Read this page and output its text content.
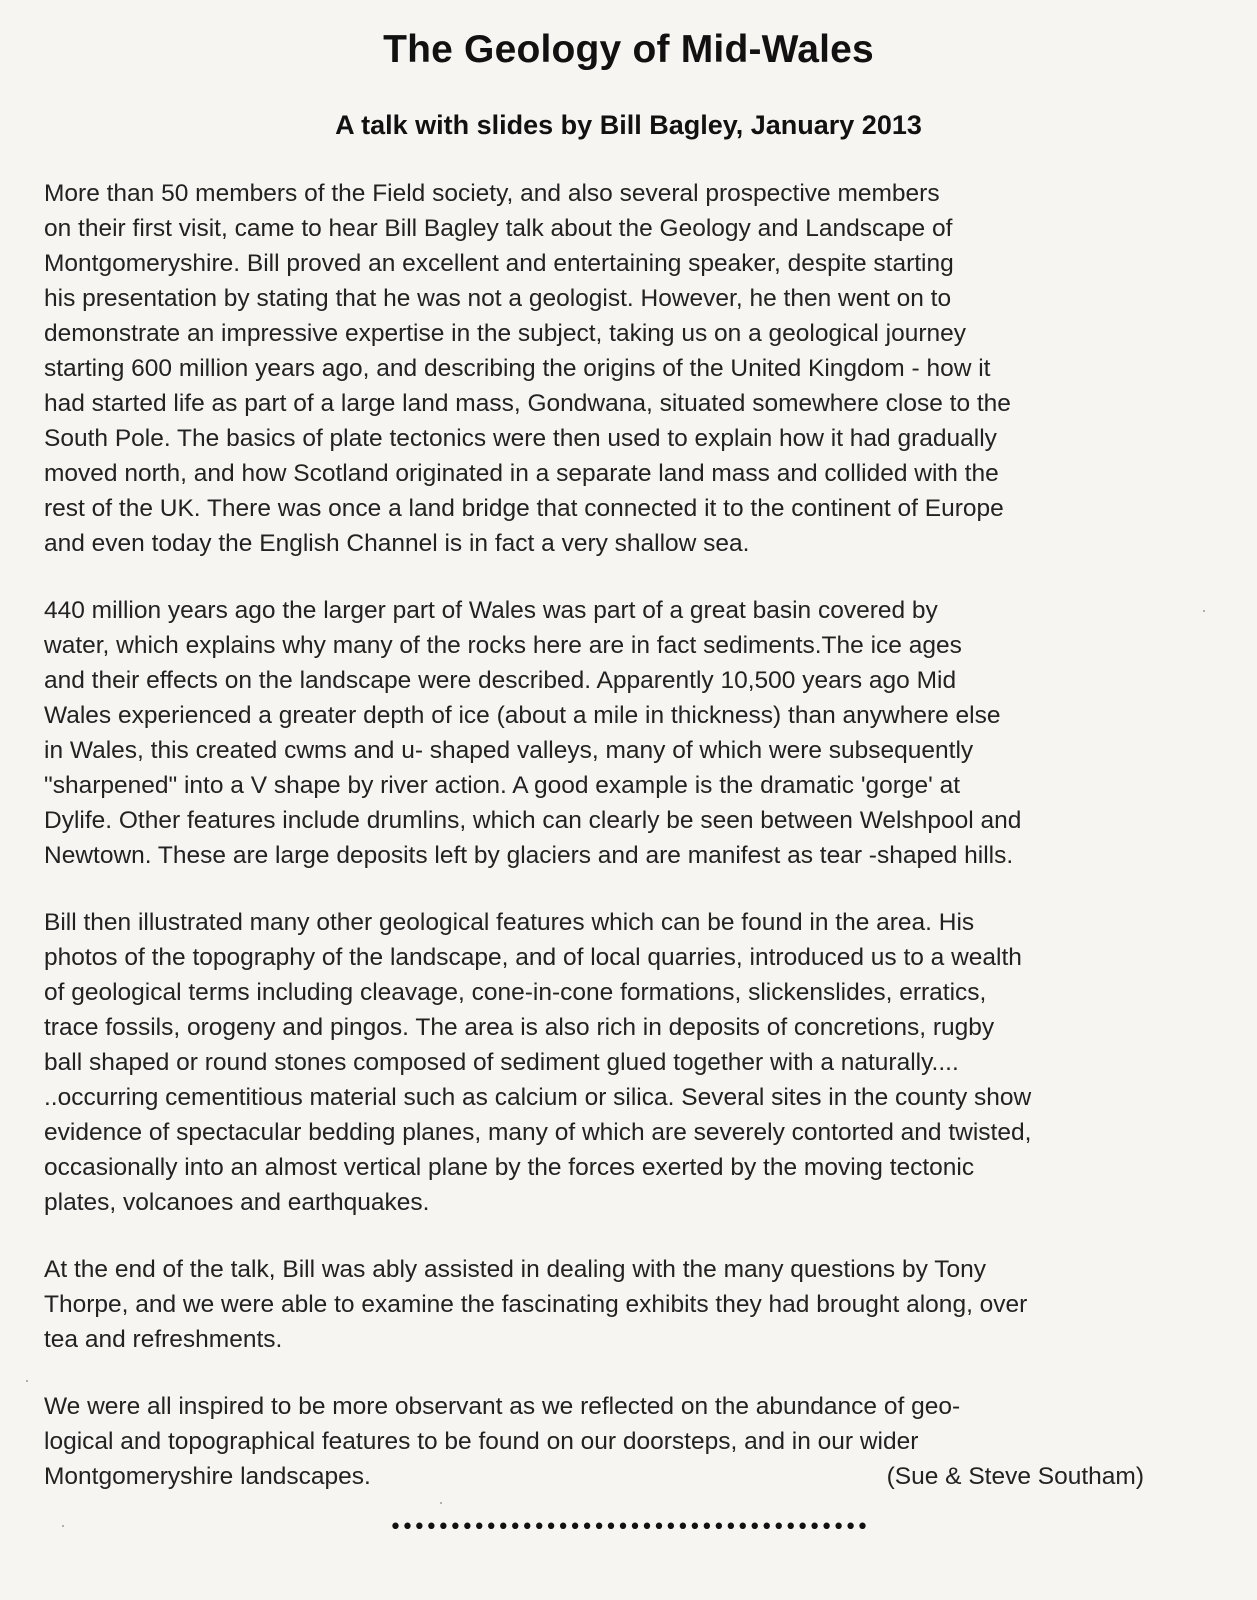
The Geology of Mid-Wales
A talk with slides by Bill Bagley, January 2013
More than 50 members of the Field society, and also several prospective members
on their first visit, came to hear Bill Bagley talk about the Geology and Landscape of
Montgomeryshire. Bill proved an excellent and entertaining speaker, despite starting
his presentation by stating that he was not a geologist. However, he then went on to
demonstrate an impressive expertise in the subject, taking us on a geological journey
starting 600 million years ago, and describing the origins of the United Kingdom - how it
had started life as part of a large land mass, Gondwana, situated somewhere close to the
South Pole. The basics of plate tectonics were then used to explain how it had gradually
moved north, and how Scotland originated in a separate land mass and collided with the
rest of the UK. There was once a land bridge that connected it to the continent of Europe
and even today the English Channel is in fact a very shallow sea.
440 million years ago the larger part of Wales was part of a great basin covered by
water, which explains why many of the rocks here are in fact sediments.The ice ages
and their effects on the landscape were described. Apparently 10,500 years ago Mid
Wales experienced a greater depth of ice (about a mile in thickness) than anywhere else
in Wales, this created cwms and u- shaped valleys, many of which were subsequently
"sharpened" into a V shape by river action. A good example is the dramatic 'gorge' at
Dylife. Other features include drumlins, which can clearly be seen between Welshpool and
Newtown. These are large deposits left by glaciers and are manifest as tear -shaped hills.
Bill then illustrated many other geological features which can be found in the area. His
photos of the topography of the landscape, and of local quarries, introduced us to a wealth
of geological terms including cleavage, cone-in-cone formations, slickenslides, erratics,
trace fossils, orogeny and pingos. The area is also rich in deposits of concretions, rugby
ball shaped or round stones composed of sediment glued together with a naturally....
..occurring cementitious material such as calcium or silica. Several sites in the county show
evidence of spectacular bedding planes, many of which are severely contorted and twisted,
occasionally into an almost vertical plane by the forces exerted by the moving tectonic
plates, volcanoes and earthquakes.
At the end of the talk, Bill was ably assisted in dealing with the many questions by Tony
Thorpe, and we were able to examine the fascinating exhibits they had brought along, over
tea and refreshments.
We were all inspired to be more observant as we reflected on the abundance of geo-
logical and topographical features to be found on our doorsteps, and in our wider
Montgomeryshire landscapes.	(Sue & Steve Southam)
••••••••••••••••••••••••••••••••••••••••
